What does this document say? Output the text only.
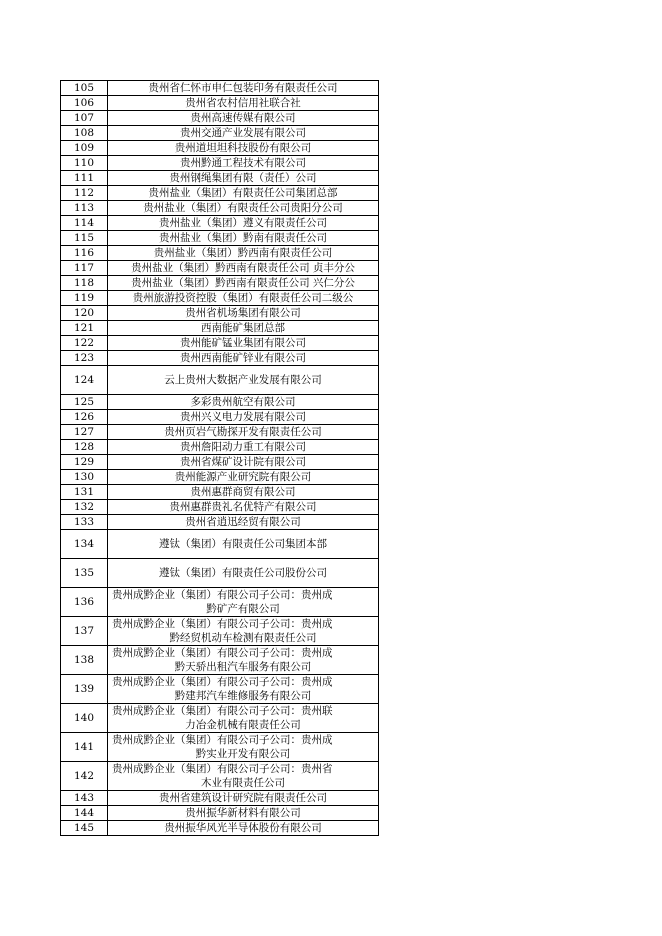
105	贵州省仁怀市申仁包装印务有限责任公司
106	贵州省农村信用社联合社
107	贵州高速传媒有限公司
108	贵州交通产业发展有限公司
109	贵州道坦坦科技股份有限公司
110	贵州黔通工程技术有限公司
111	贵州钢绳集团有限（责任）公司
112	贵州盐业（集团）有限责任公司集团总部
113	贵州盐业（集团）有限责任公司贵阳分公司
114	贵州盐业（集团）遵义有限责任公司
115	贵州盐业（集团）黔南有限责任公司
116	贵州盐业（集团）黔西南有限责任公司
117	贵州盐业（集团）黔西南有限责任公司 贞丰分公
118	贵州盐业（集团）黔西南有限责任公司 兴仁分公
119	贵州旅游投资控股（集团）有限责任公司二级公
120	贵州省机场集团有限公司
121	西南能矿集团总部
122	贵州能矿锰业集团有限公司
123	贵州西南能矿锌业有限公司
124	云上贵州大数据产业发展有限公司
125	多彩贵州航空有限公司
126	贵州兴义电力发展有限公司
127	贵州页岩气勘探开发有限责任公司
128	贵州詹阳动力重工有限公司
129	贵州省煤矿设计院有限公司
130	贵州能源产业研究院有限公司
131	贵州惠群商贸有限公司
132	贵州惠群贵礼名优特产有限公司
133	贵州省逍迅经贸有限公司
134	遵钛（集团）有限责任公司集团本部
135	遵钛（集团）有限责任公司股份公司
136	贵州成黔企业（集团）有限公司子公司：贵州成
黔矿产有限公司

137	贵州成黔企业（集团）有限公司子公司：贵州成
黔经贸机动车检测有限责任公司

138	贵州成黔企业（集团）有限公司子公司：贵州成
黔天骄出租汽车服务有限公司

139	贵州成黔企业（集团）有限公司子公司：贵州成
黔建邦汽车维修服务有限公司

140	贵州成黔企业（集团）有限公司子公司：贵州联
力冶金机械有限责任公司

141	贵州成黔企业（集团）有限公司子公司：贵州成
黔实业开发有限公司

142	贵州成黔企业（集团）有限公司子公司：贵州省
木业有限责任公司

143	贵州省建筑设计研究院有限责任公司
144	贵州振华新材料有限公司
145	贵州振华风光半导体股份有限公司
